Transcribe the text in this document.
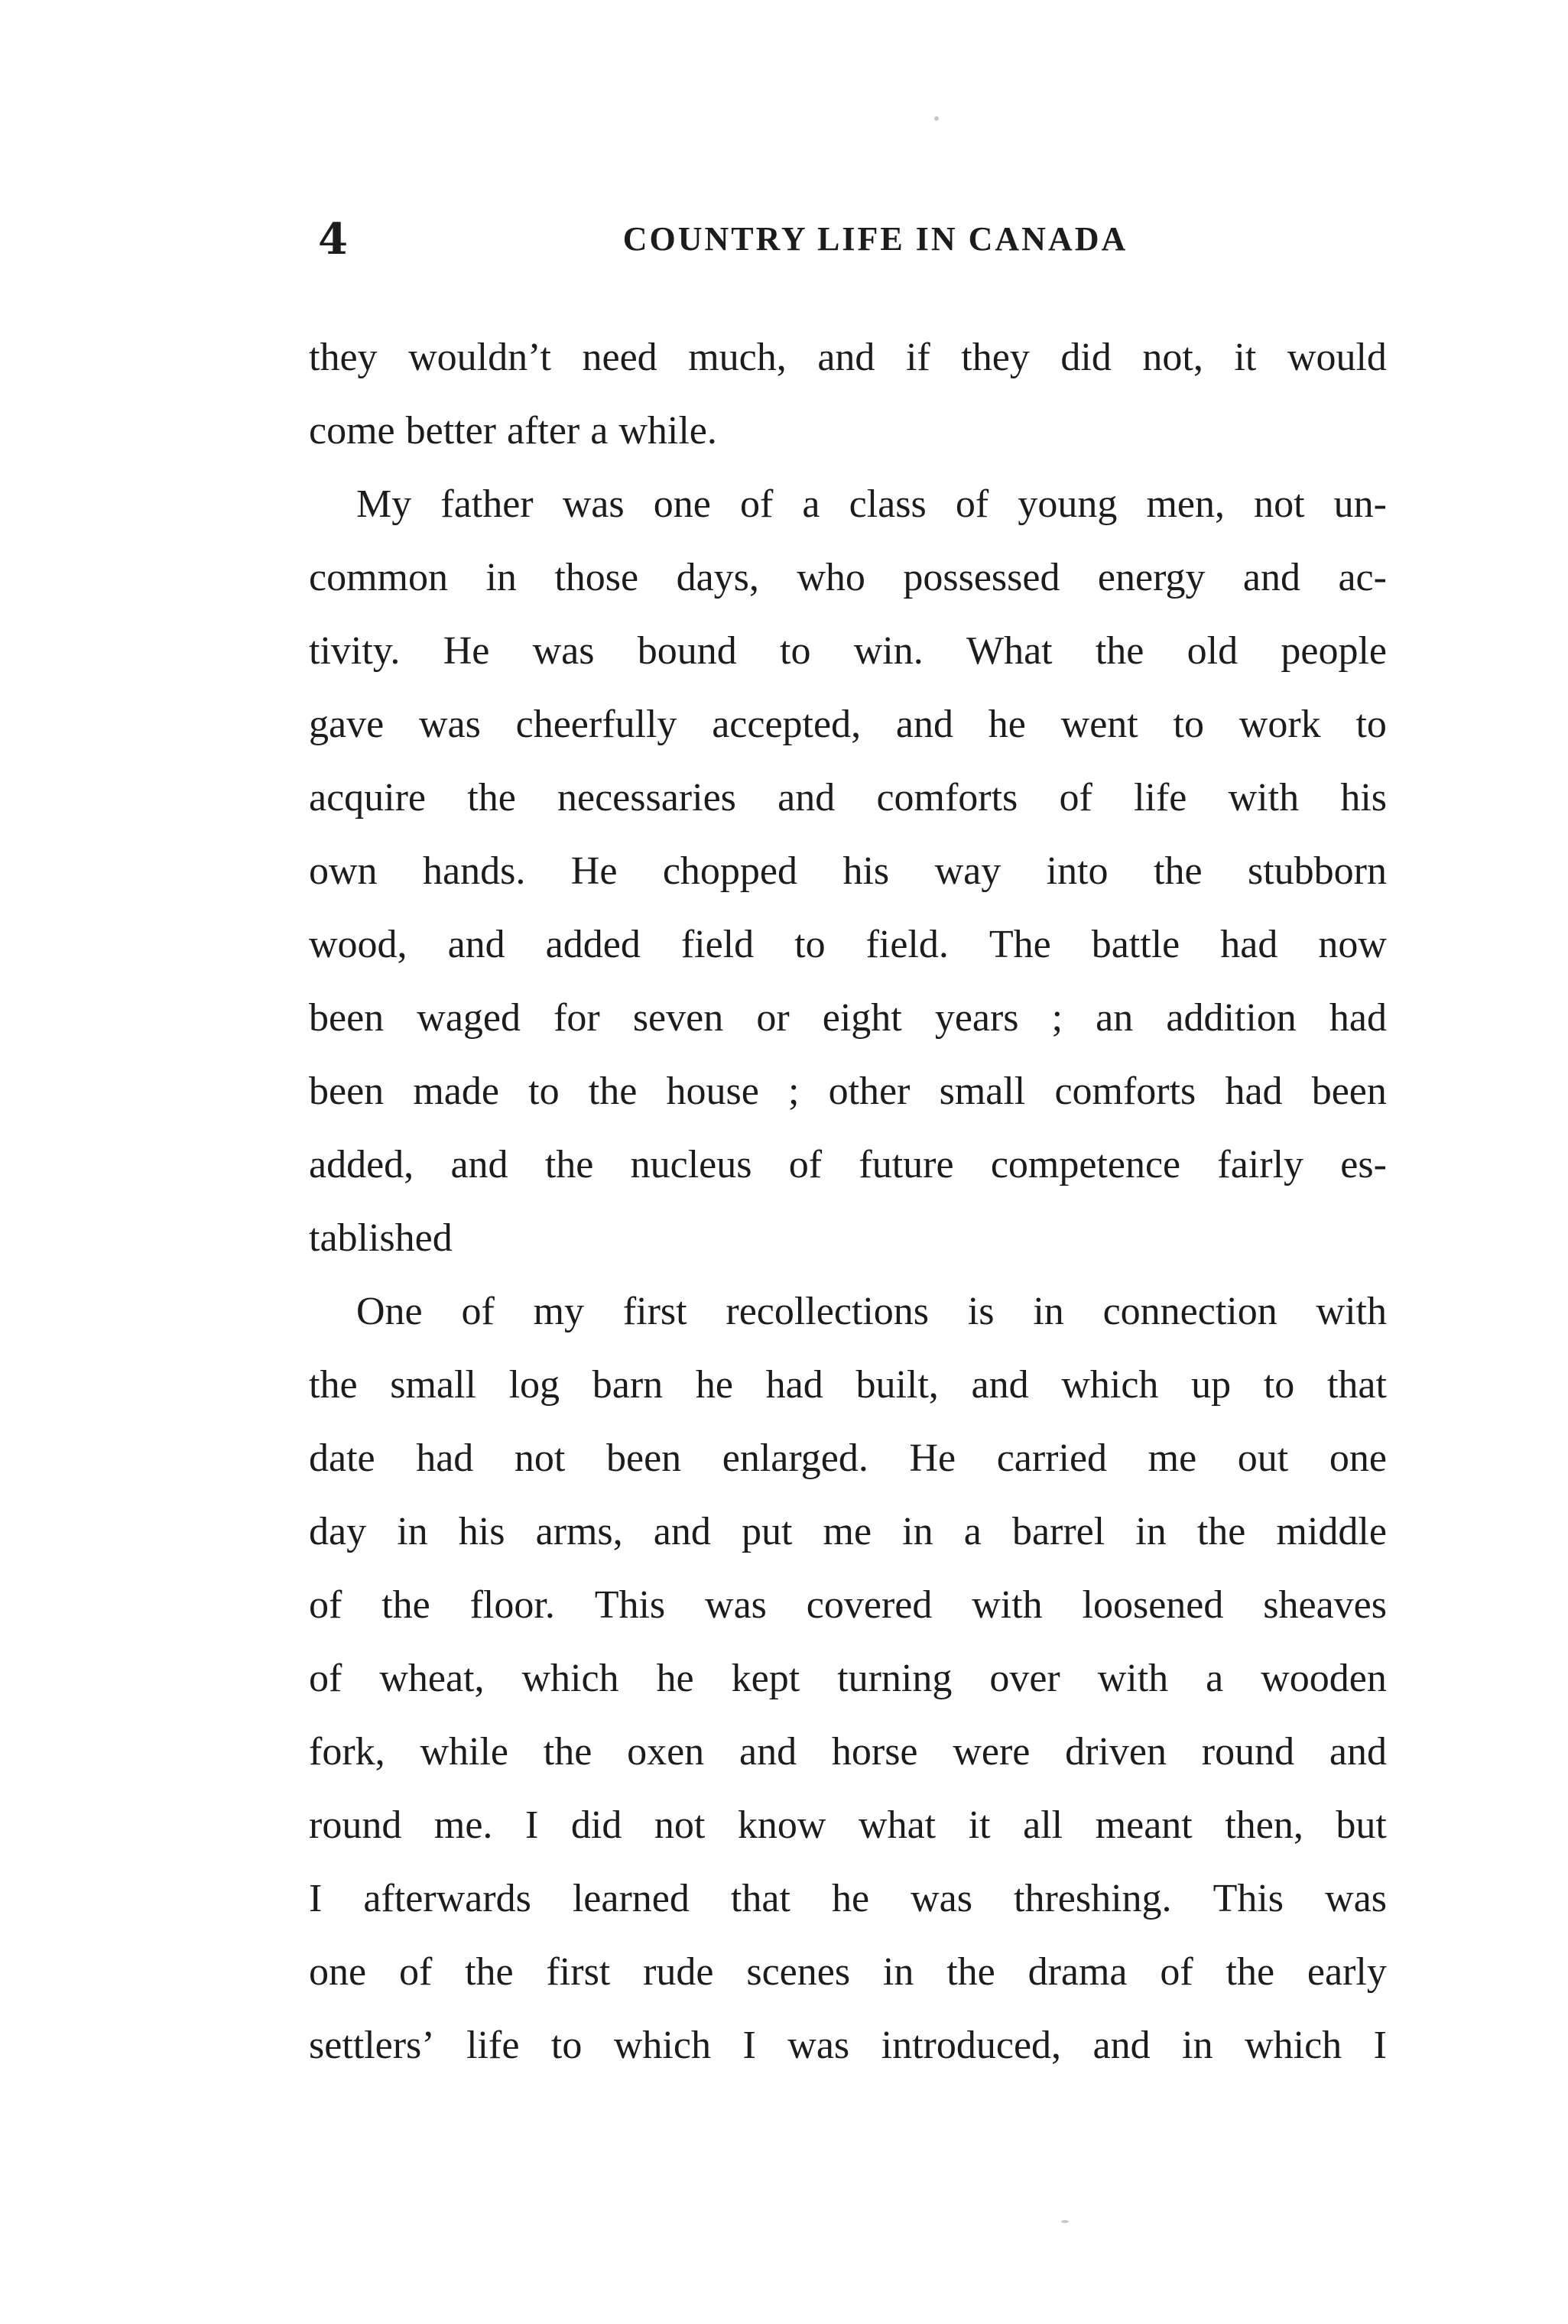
4	COUNTRY LIFE IN CANADA
they wouldn’t need much, and if they did not, it would
come better after a while.
My father was one of a class of young men, not un-
common in those days, who possessed energy and ac-
tivity. He was bound to win. What the old people
gave was cheerfully accepted, and he went to work to
acquire the necessaries and comforts of life with his
own hands. He chopped his way into the stubborn
wood, and added field to field. The battle had now
been waged for seven or eight years ; an addition had
been made to the house ; other small comforts had been
added, and the nucleus of future competence fairly es-
tablished
One of my first recollections is in connection with
the small log barn he had built, and which up to that
date had not been enlarged. He carried me out one
day in his arms, and put me in a barrel in the middle
of the floor. This was covered with loosened sheaves
of wheat, which he kept turning over with a wooden
fork, while the oxen and horse were driven round and
round me. I did not know what it all meant then, but
I afterwards learned that he was threshing. This was
one of the first rude scenes in the drama of the early
settlers’ life to which I was introduced, and in which I
